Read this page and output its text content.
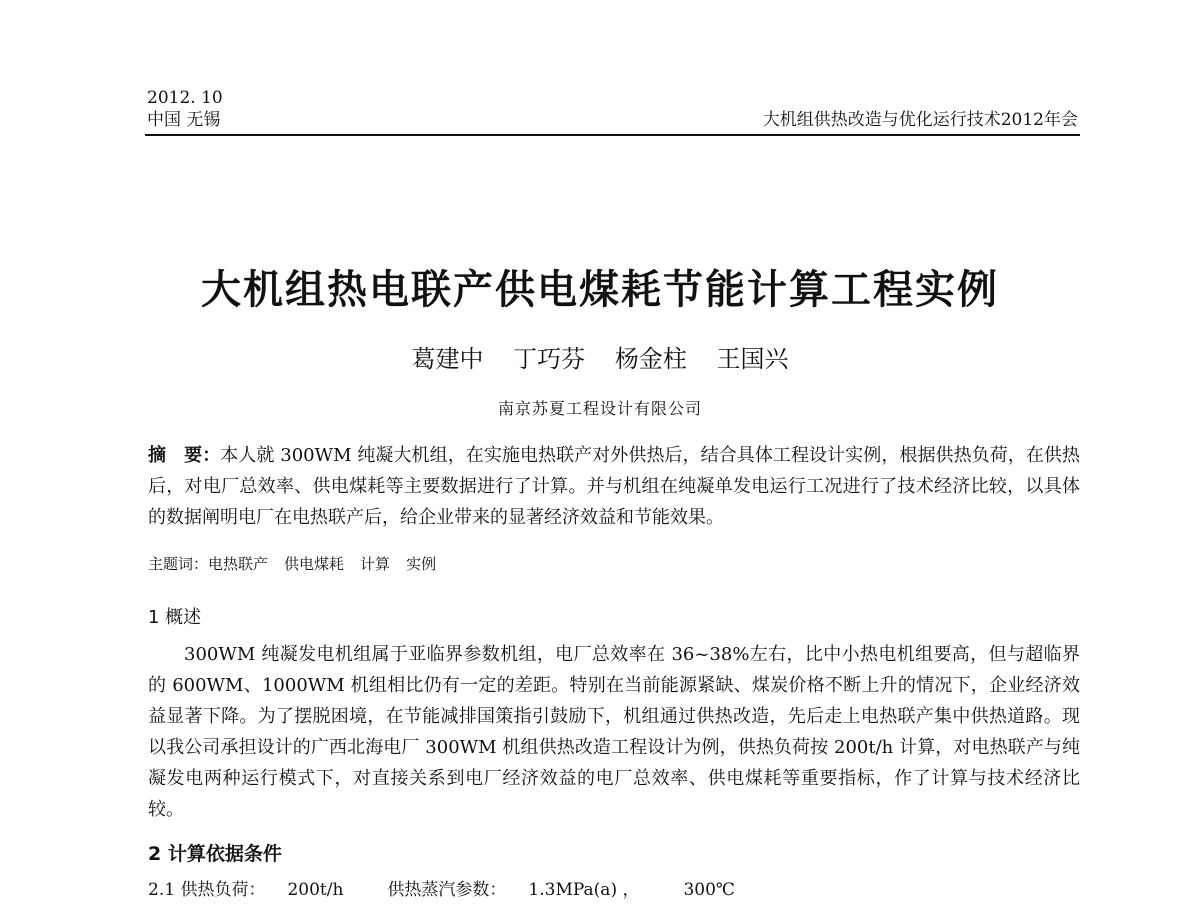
2012. 10
中国 无锡	大机组供热改造与优化运行技术2012年会
大机组热电联产供电煤耗节能计算工程实例
葛建中 丁巧芬 杨金柱 王国兴
南京苏夏工程设计有限公司
摘　要：本人就 300WM 纯凝大机组，在实施电热联产对外供热后，结合具体工程设计实例，根据供热负荷，在供热后，对电厂总效率、供电煤耗等主要数据进行了计算。并与机组在纯凝单发电运行工况进行了技术经济比较，以具体的数据阐明电厂在电热联产后，给企业带来的显著经济效益和节能效果。
主题词：电热联产 供电煤耗 计算 实例
1 概述
300WM 纯凝发电机组属于亚临界参数机组，电厂总效率在 36~38%左右，比中小热电机组要高，但与超临界的 600WM、1000WM 机组相比仍有一定的差距。特别在当前能源紧缺、煤炭价格不断上升的情况下，企业经济效益显著下降。为了摆脱困境，在节能减排国策指引鼓励下，机组通过供热改造，先后走上电热联产集中供热道路。现以我公司承担设计的广西北海电厂 300WM 机组供热改造工程设计为例，供热负荷按 200t/h 计算，对电热联产与纯凝发电两种运行模式下，对直接关系到电厂经济效益的电厂总效率、供电煤耗等重要指标，作了计算与技术经济比较。
2 计算依据条件
2.1 供热负荷： 200t/h	供热蒸汽参数： 1.3MPa(a) ，	300℃
